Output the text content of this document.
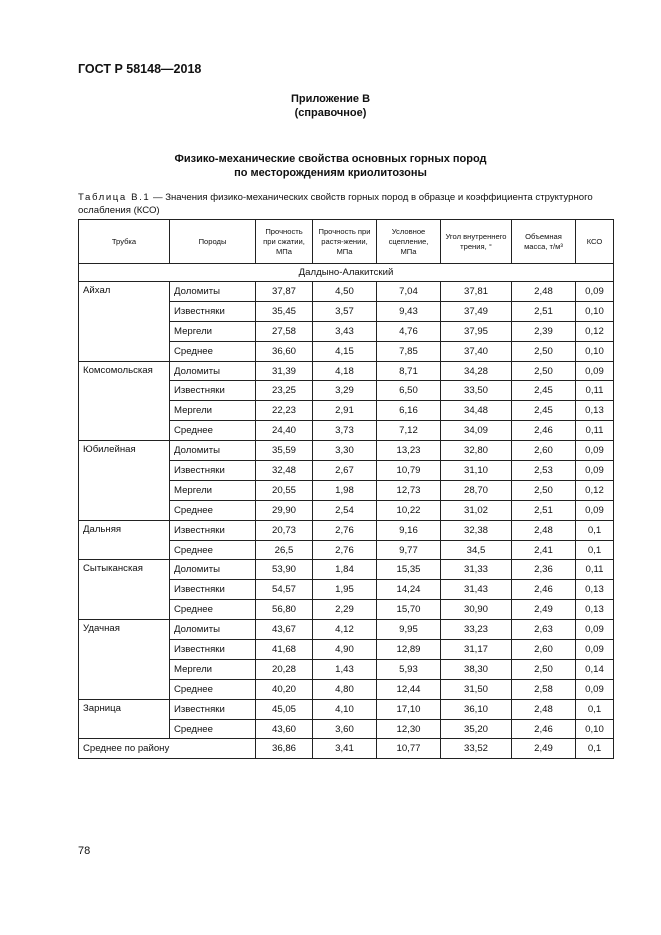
ГОСТ Р 58148—2018
Приложение В
(справочное)
Физико-механические свойства основных горных пород
по месторождениям криолитозоны
Таблица В.1 — Значения физико-механических свойств горных пород в образце и коэффициента структурного ослабления (КСО)
Трубка	Породы	Прочность при сжатии, МПа	Прочность при растя-жении, МПа	Условное сцепление, МПа	Угол внутреннего трения, °	Объемная масса, т/м³	КСО
Далдыно-Алакитский							
Айхал	Доломиты	37,87	4,50	7,04	37,81	2,48	0,09
	Известняки	35,45	3,57	9,43	37,49	2,51	0,10
	Мергели	27,58	3,43	4,76	37,95	2,39	0,12
	Среднее	36,60	4,15	7,85	37,40	2,50	0,10
Комсомольская	Доломиты	31,39	4,18	8,71	34,28	2,50	0,09
	Известняки	23,25	3,29	6,50	33,50	2,45	0,11
	Мергели	22,23	2,91	6,16	34,48	2,45	0,13
	Среднее	24,40	3,73	7,12	34,09	2,46	0,11
Юбилейная	Доломиты	35,59	3,30	13,23	32,80	2,60	0,09
	Известняки	32,48	2,67	10,79	31,10	2,53	0,09
	Мергели	20,55	1,98	12,73	28,70	2,50	0,12
	Среднее	29,90	2,54	10,22	31,02	2,51	0,09
Дальняя	Известняки	20,73	2,76	9,16	32,38	2,48	0,1
	Среднее	26,5	2,76	9,77	34,5	2,41	0,1
Сытыканская	Доломиты	53,90	1,84	15,35	31,33	2,36	0,11
	Известняки	54,57	1,95	14,24	31,43	2,46	0,13
	Среднее	56,80	2,29	15,70	30,90	2,49	0,13
Удачная	Доломиты	43,67	4,12	9,95	33,23	2,63	0,09
	Известняки	41,68	4,90	12,89	31,17	2,60	0,09
	Мергели	20,28	1,43	5,93	38,30	2,50	0,14
	Среднее	40,20	4,80	12,44	31,50	2,58	0,09
Зарница	Известняки	45,05	4,10	17,10	36,10	2,48	0,1
	Среднее	43,60	3,60	12,30	35,20	2,46	0,10
Среднее по району		36,86	3,41	10,77	33,52	2,49	0,1
78
